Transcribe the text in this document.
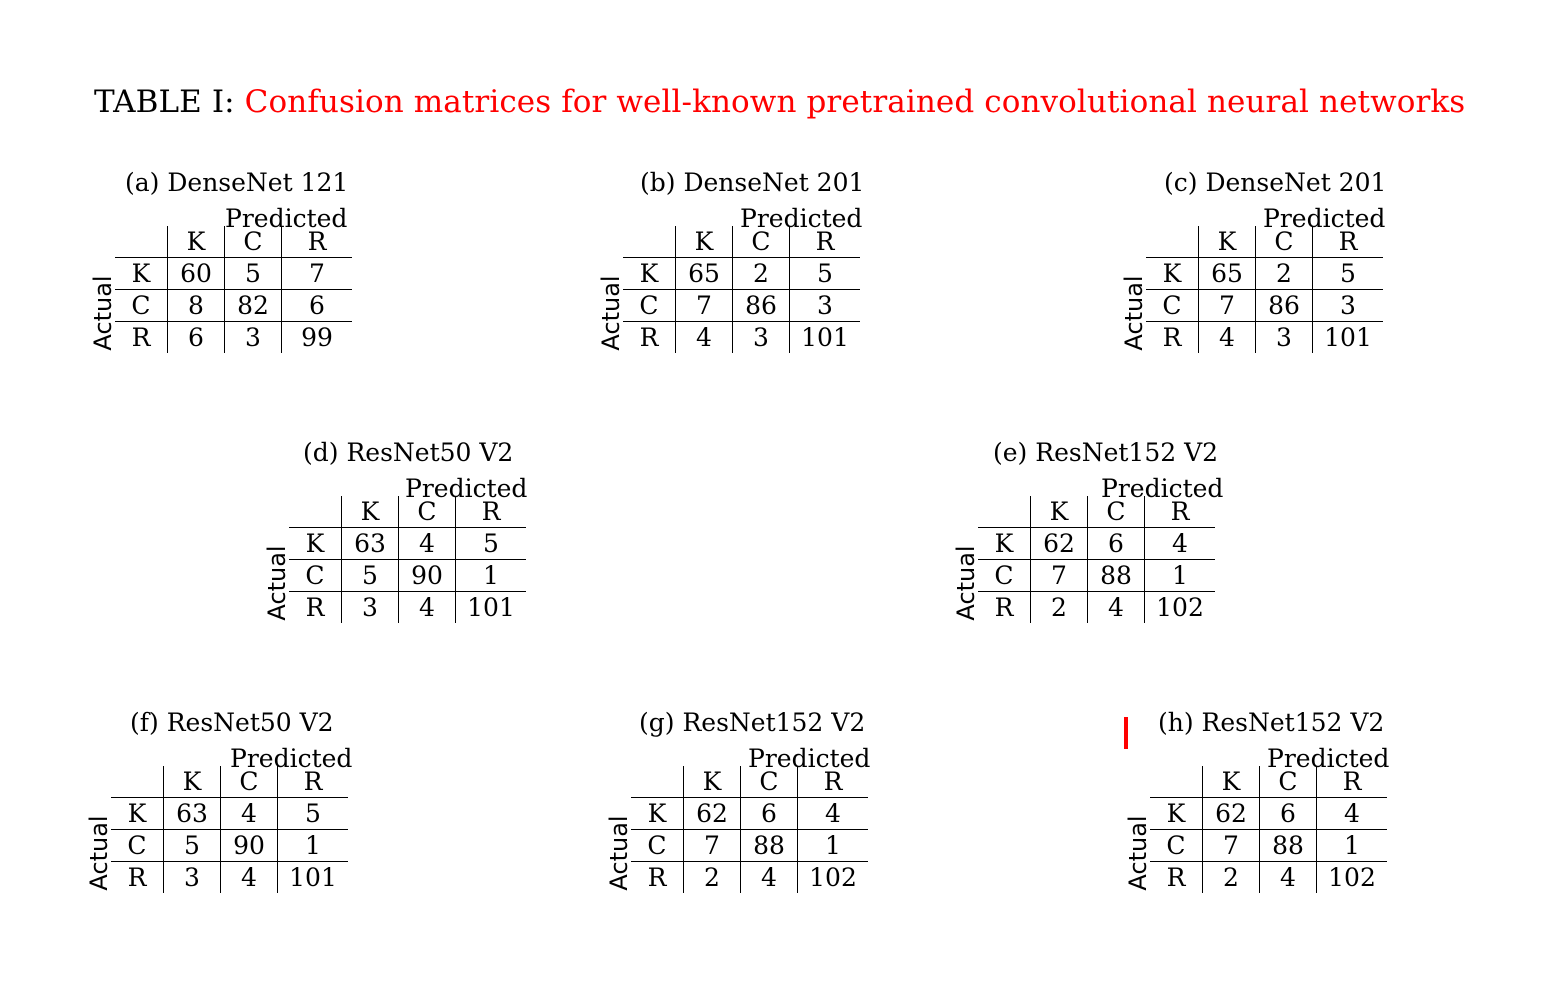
TABLE I: Confusion matrices for well-known pretrained convolutional neural networks
(a) DenseNet 121
Predicted
Actual
	K	C	R
K	60	5	7
C	8	82	6
R	6	3	99
(b) DenseNet 201
Predicted
Actual
	K	C	R
K	65	2	5
C	7	86	3
R	4	3	101
(c) DenseNet 201
Predicted
Actual
	K	C	R
K	65	2	5
C	7	86	3
R	4	3	101
(d) ResNet50 V2
Predicted
Actual
	K	C	R
K	63	4	5
C	5	90	1
R	3	4	101
(e) ResNet152 V2
Predicted
Actual
	K	C	R
K	62	6	4
C	7	88	1
R	2	4	102
(f) ResNet50 V2
Predicted
Actual
	K	C	R
K	63	4	5
C	5	90	1
R	3	4	101
(g) ResNet152 V2
Predicted
Actual
	K	C	R
K	62	6	4
C	7	88	1
R	2	4	102
(h) ResNet152 V2
Predicted
Actual
	K	C	R
K	62	6	4
C	7	88	1
R	2	4	102
